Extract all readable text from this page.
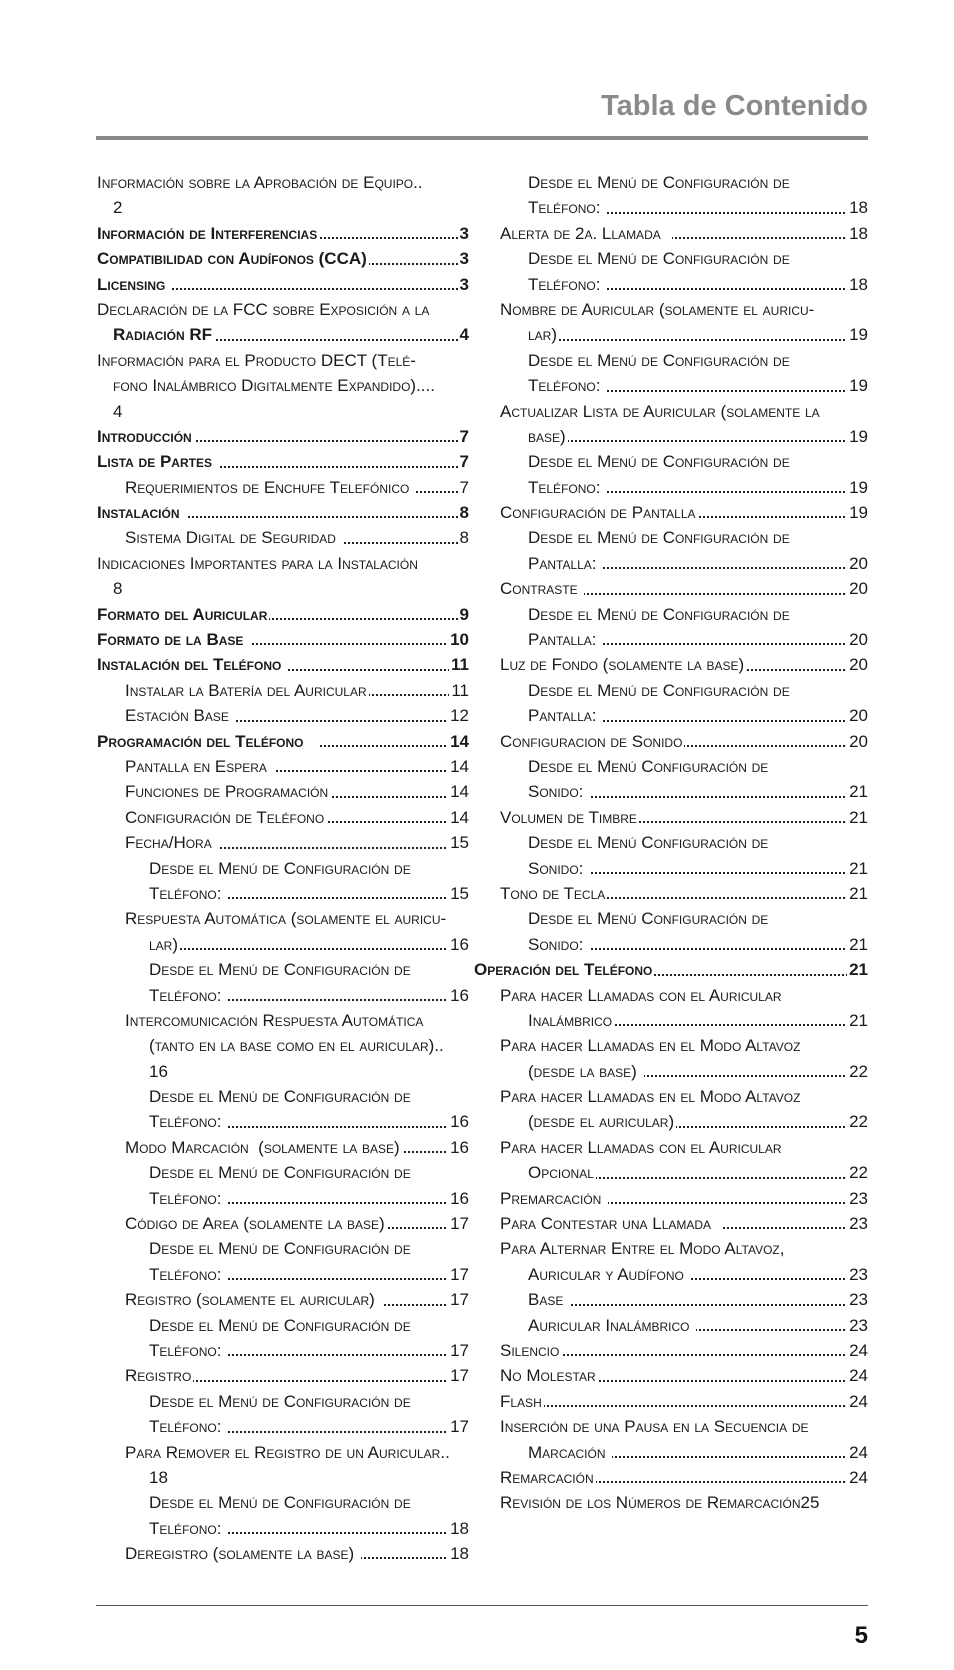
Tabla de Contenido
Información sobre la Aprobación de Equipo..
2
Información de Interferencias	3
Compatibilidad con Audífonos (CCA)	3
Licensing	3
Declaración de la FCC sobre Exposición a la
Radiación RF	4
Información para el Producto DECT (Telé-
fono Inalámbrico Digitalmente Expandido)....
4
Introducción	7
Lista de Partes	7
Requerimientos de Enchufe Telefónico	7
Instalación	8
Sistema Digital de Seguridad	8
Indicaciones Importantes para la Instalación
8
Formato del Auricular	9
Formato de la Base	10
Instalación del Teléfono	11
Instalar la Batería del Auricular	11
Estación Base	12
Programación del Teléfono	14
Pantalla en Espera	14
Funciones de Programación	14
Configuración de Teléfono	14
Fecha/Hora	15
Desde el Menú de Configuración de
Teléfono:	15
Respuesta Automática (solamente el auricu-
lar)	16
Desde el Menú de Configuración de
Teléfono:	16
Intercomunicación Respuesta Automática
(tanto en la base como en el auricular)..
16
Desde el Menú de Configuración de
Teléfono:	16
Modo Marcación  (solamente la base)	16
Desde el Menú de Configuración de
Teléfono:	16
Código de Area (solamente la base)	17
Desde el Menú de Configuración de
Teléfono:	17
Registro (solamente el auricular)	17
Desde el Menú de Configuración de
Teléfono:	17
Registro	17
Desde el Menú de Configuración de
Teléfono:	17
Para Remover el Registro de un Auricular..
18
Desde el Menú de Configuración de
Teléfono:	18
Deregistro (solamente la base)	18
Desde el Menú de Configuración de
Teléfono:	18
Alerta de 2a. Llamada	18
Desde el Menú de Configuración de
Teléfono:	18
Nombre de Auricular (solamente el auricu-
lar)	19
Desde el Menú de Configuración de
Teléfono:	19
Actualizar Lista de Auricular (solamente la
base)	19
Desde el Menú de Configuración de
Teléfono:	19
Configuración de Pantalla	19
Desde el Menú de Configuración de
Pantalla:	20
Contraste	20
Desde el Menú de Configuración de
Pantalla:	20
Luz de Fondo (solamente la base)	20
Desde el Menú de Configuración de
Pantalla:	20
Configuracion de Sonido	20
Desde el Menú Configuración de
Sonido:	21
Volumen de Timbre	21
Desde el Menú Configuración de
Sonido:	21
Tono de Tecla	21
Desde el Menú Configuración de
Sonido:	21
Operación del Teléfono	21
Para hacer Llamadas con el Auricular
Inalámbrico	21
Para hacer Llamadas en el Modo Altavoz
(desde la base)	22
Para hacer Llamadas en el Modo Altavoz
(desde el auricular)	22
Para hacer Llamadas con el Auricular
Opcional	22
Premarcación	23
Para Contestar una Llamada	23
Para Alternar Entre el Modo Altavoz,
Auricular y Audífono	23
Base	23
Auricular Inalámbrico	23
Silencio	24
No Molestar	24
Flash	24
Inserción de una Pausa en la Secuencia de
Marcación	24
Remarcación	24
Revisión de los Números de Remarcación25
5
